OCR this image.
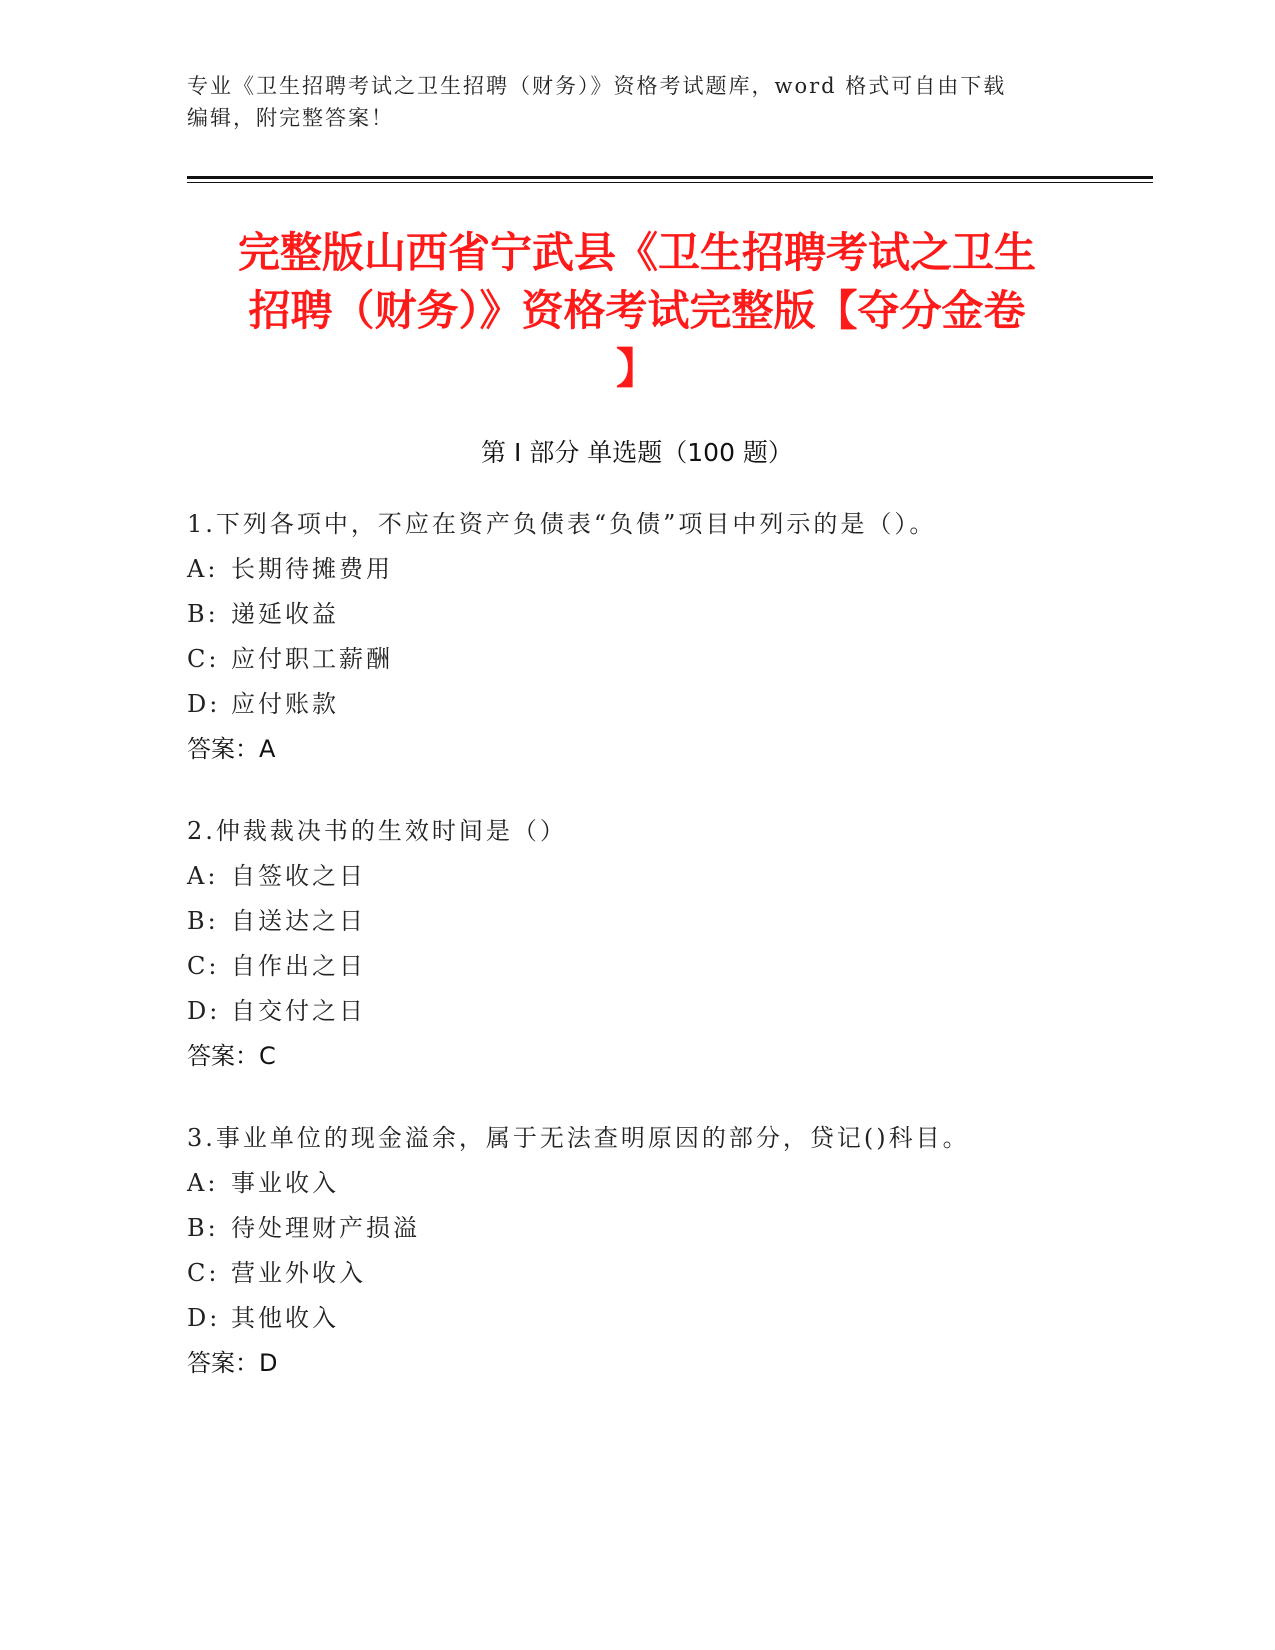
专业《卫生招聘考试之卫生招聘（财务）》资格考试题库，word 格式可自由下载
编辑，附完整答案！
完整版山西省宁武县《卫生招聘考试之卫生
招聘（财务）》资格考试完整版【夺分金卷
】
第 I 部分 单选题（100 题）
1.下列各项中，不应在资产负债表“负债”项目中列示的是（）。
A: 长期待摊费用
B: 递延收益
C: 应付职工薪酬
D: 应付账款
答案：A
2.仲裁裁决书的生效时间是（）
A: 自签收之日
B: 自送达之日
C: 自作出之日
D: 自交付之日
答案：C
3.事业单位的现金溢余，属于无法查明原因的部分，贷记()科目。
A: 事业收入
B: 待处理财产损溢
C: 营业外收入
D: 其他收入
答案：D
